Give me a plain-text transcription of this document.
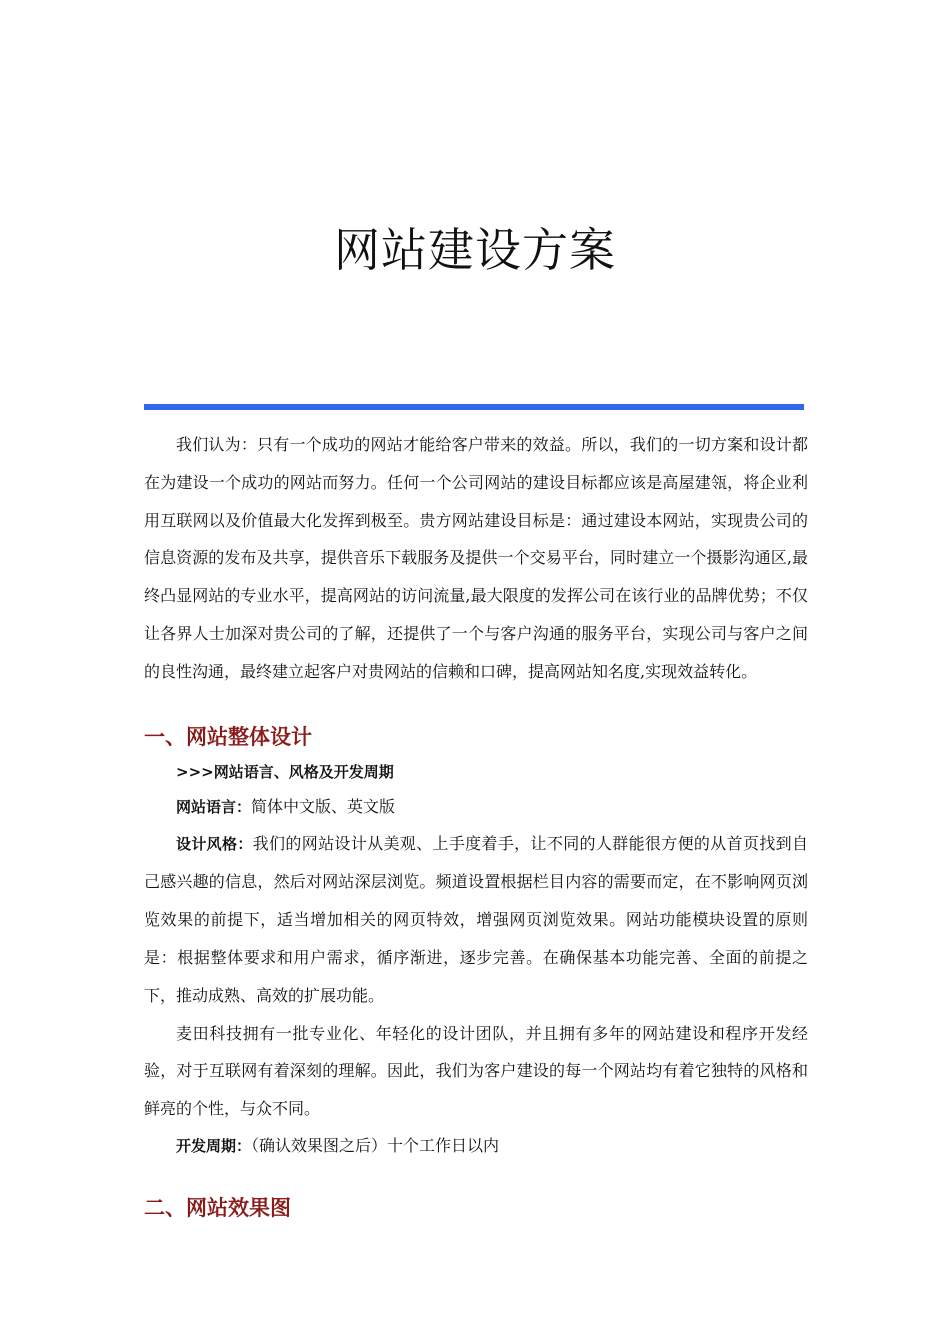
网站建设方案

我们认为：只有一个成功的网站才能给客户带来的效益。所以，我们的一切方案和设计都在为建设一个成功的网站而努力。任何一个公司网站的建设目标都应该是高屋建瓴，将企业利用互联网以及价值最大化发挥到极至。贵方网站建设目标是：通过建设本网站，实现贵公司的信息资源的发布及共享，提供音乐下载服务及提供一个交易平台，同时建立一个摄影沟通区,最终凸显网站的专业水平，提高网站的访问流量,最大限度的发挥公司在该行业的品牌优势；不仅让各界人士加深对贵公司的了解，还提供了一个与客户沟通的服务平台，实现公司与客户之间的良性沟通，最终建立起客户对贵网站的信赖和口碑，提高网站知名度,实现效益转化。

一、网站整体设计
>>>网站语言、风格及开发周期

网站语言：简体中文版、英文版

设计风格：我们的网站设计从美观、上手度着手，让不同的人群能很方便的从首页找到自己感兴趣的信息，然后对网站深层浏览。频道设置根据栏目内容的需要而定，在不影响网页浏览效果的前提下，适当增加相关的网页特效，增强网页浏览效果。网站功能模块设置的原则是：根据整体要求和用户需求，循序渐进，逐步完善。在确保基本功能完善、全面的前提之下，推动成熟、高效的扩展功能。

麦田科技拥有一批专业化、年轻化的设计团队，并且拥有多年的网站建设和程序开发经验，对于互联网有着深刻的理解。因此，我们为客户建设的每一个网站均有着它独特的风格和鲜亮的个性，与众不同。

开发周期：（确认效果图之后）十个工作日以内

二、网站效果图
